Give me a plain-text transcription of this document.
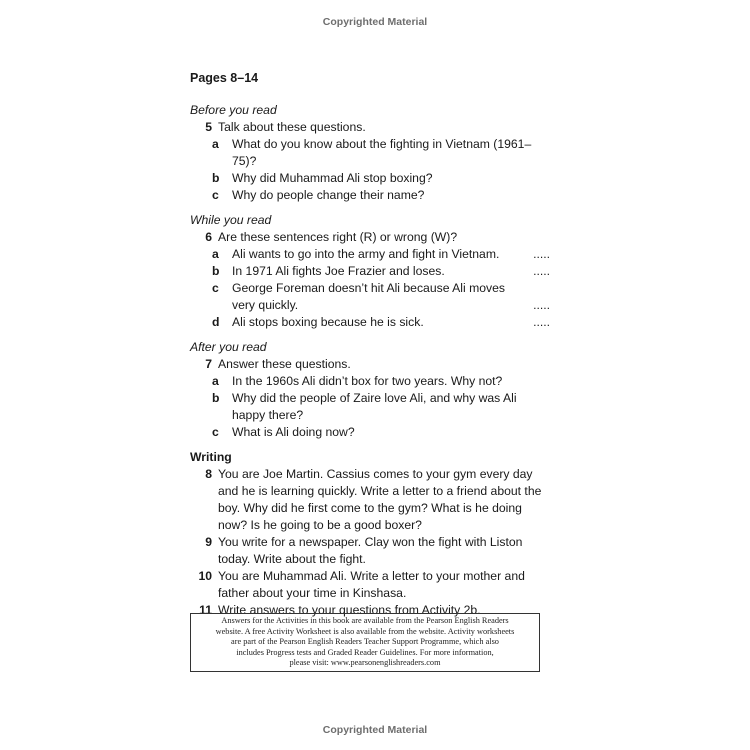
Copyrighted Material
Pages 8–14
Before you read
5 Talk about these questions.
a	What do you know about the fighting in Vietnam (1961–75)?
b	Why did Muhammad Ali stop boxing?
c	Why do people change their name?
While you read
6 Are these sentences right (R) or wrong (W)?
a	Ali wants to go into the army and fight in Vietnam.	.....
b	In 1971 Ali fights Joe Frazier and loses.	.....
c	George Foreman doesn’t hit Ali because Ali moves
very quickly.	.....
d	Ali stops boxing because he is sick.	.....
After you read
7 Answer these questions.
a	In the 1960s Ali didn’t box for two years. Why not?
b	Why did the people of Zaire love Ali, and why was Ali
happy there?
c	What is Ali doing now?
Writing
8 You are Joe Martin. Cassius comes to your gym every day
and he is learning quickly. Write a letter to a friend about the
boy. Why did he first come to the gym? What is he doing
now? Is he going to be a good boxer?
9 You write for a newspaper. Clay won the fight with Liston
today. Write about the fight.
10 You are Muhammad Ali. Write a letter to your mother and
father about your time in Kinshasa.
11 Write answers to your questions from Activity 2b.
Answers for the Activities in this book are available from the Pearson English Readers
website. A free Activity Worksheet is also available from the website. Activity worksheets
are part of the Pearson English Readers Teacher Support Programme, which also
includes Progress tests and Graded Reader Guidelines. For more information,
please visit: www.pearsonenglishreaders.com
Copyrighted Material
